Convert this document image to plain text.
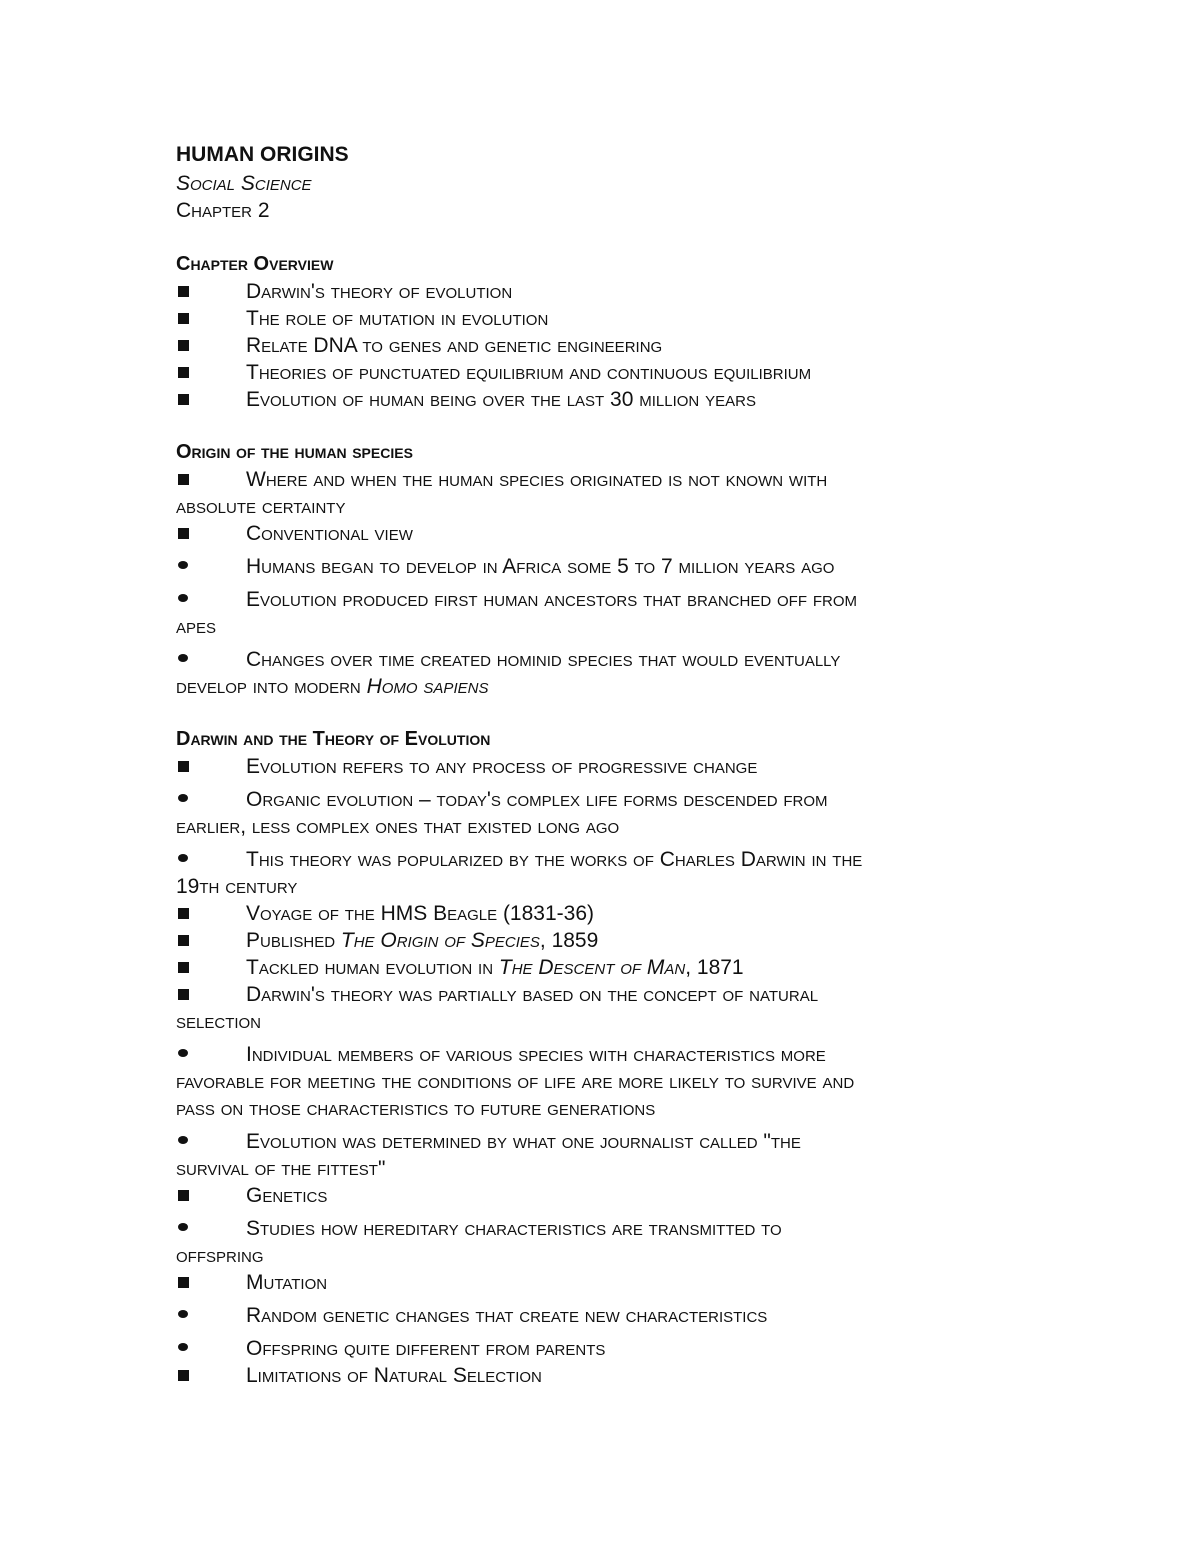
HUMAN ORIGINS

Social Science

Chapter 2

Chapter Overview

Darwin's theory of evolution

The role of mutation in evolution

Relate DNA to genes and genetic engineering

Theories of punctuated equilibrium and continuous equilibrium

Evolution of human being over the last 30 million years

Origin of the human species

Where and when the human species originated is not known with
absolute certainty

Conventional view

Humans began to develop in Africa some 5 to 7 million years ago

Evolution produced first human ancestors that branched off from
apes

Changes over time created hominid species that would eventually
develop into modern Homo sapiens

Darwin and the Theory of Evolution

Evolution refers to any process of progressive change

Organic evolution – today's complex life forms descended from
earlier, less complex ones that existed long ago

This theory was popularized by the works of Charles Darwin in the
19th century

Voyage of the HMS Beagle (1831-36)

Published The Origin of Species, 1859

Tackled human evolution in The Descent of Man, 1871

Darwin's theory was partially based on the concept of natural
selection

Individual members of various species with characteristics more
favorable for meeting the conditions of life are more likely to survive and
pass on those characteristics to future generations

Evolution was determined by what one journalist called "the
survival of the fittest"

Genetics

Studies how hereditary characteristics are transmitted to
offspring

Mutation

Random genetic changes that create new characteristics

Offspring quite different from parents

Limitations of Natural Selection
